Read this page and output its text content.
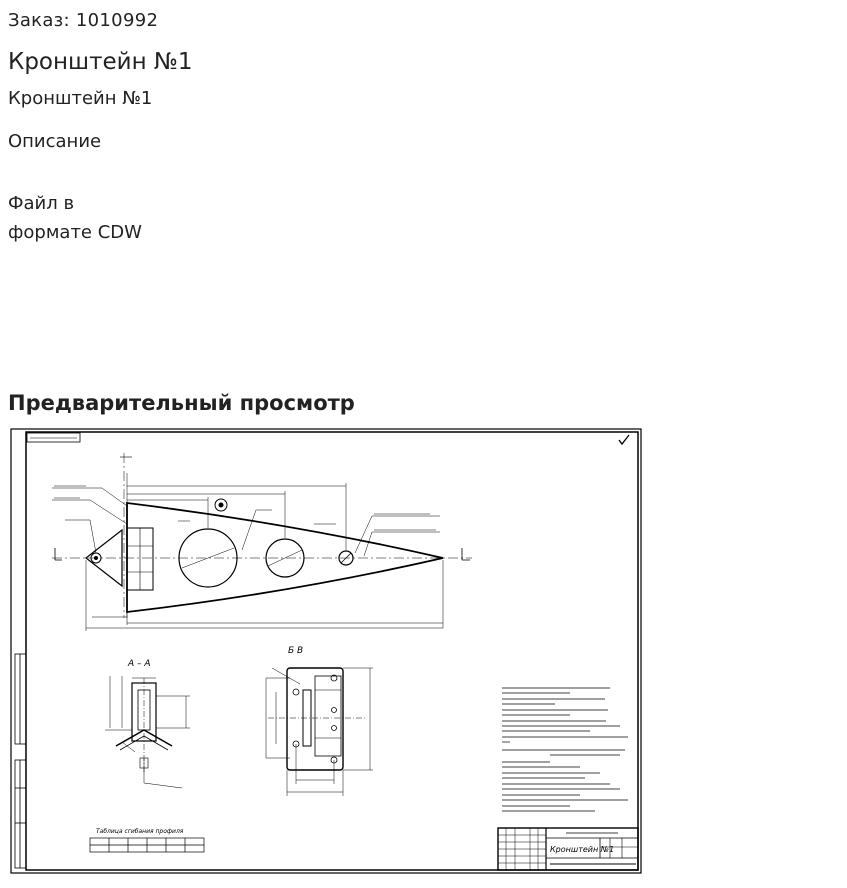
Заказ: 1010992
Кронштейн №1
Кронштейн №1
Описание
Файл в
формате CDW
Предварительный просмотр
А – А
Б В
Таблица сгибания профиля
Кронштейн №1
